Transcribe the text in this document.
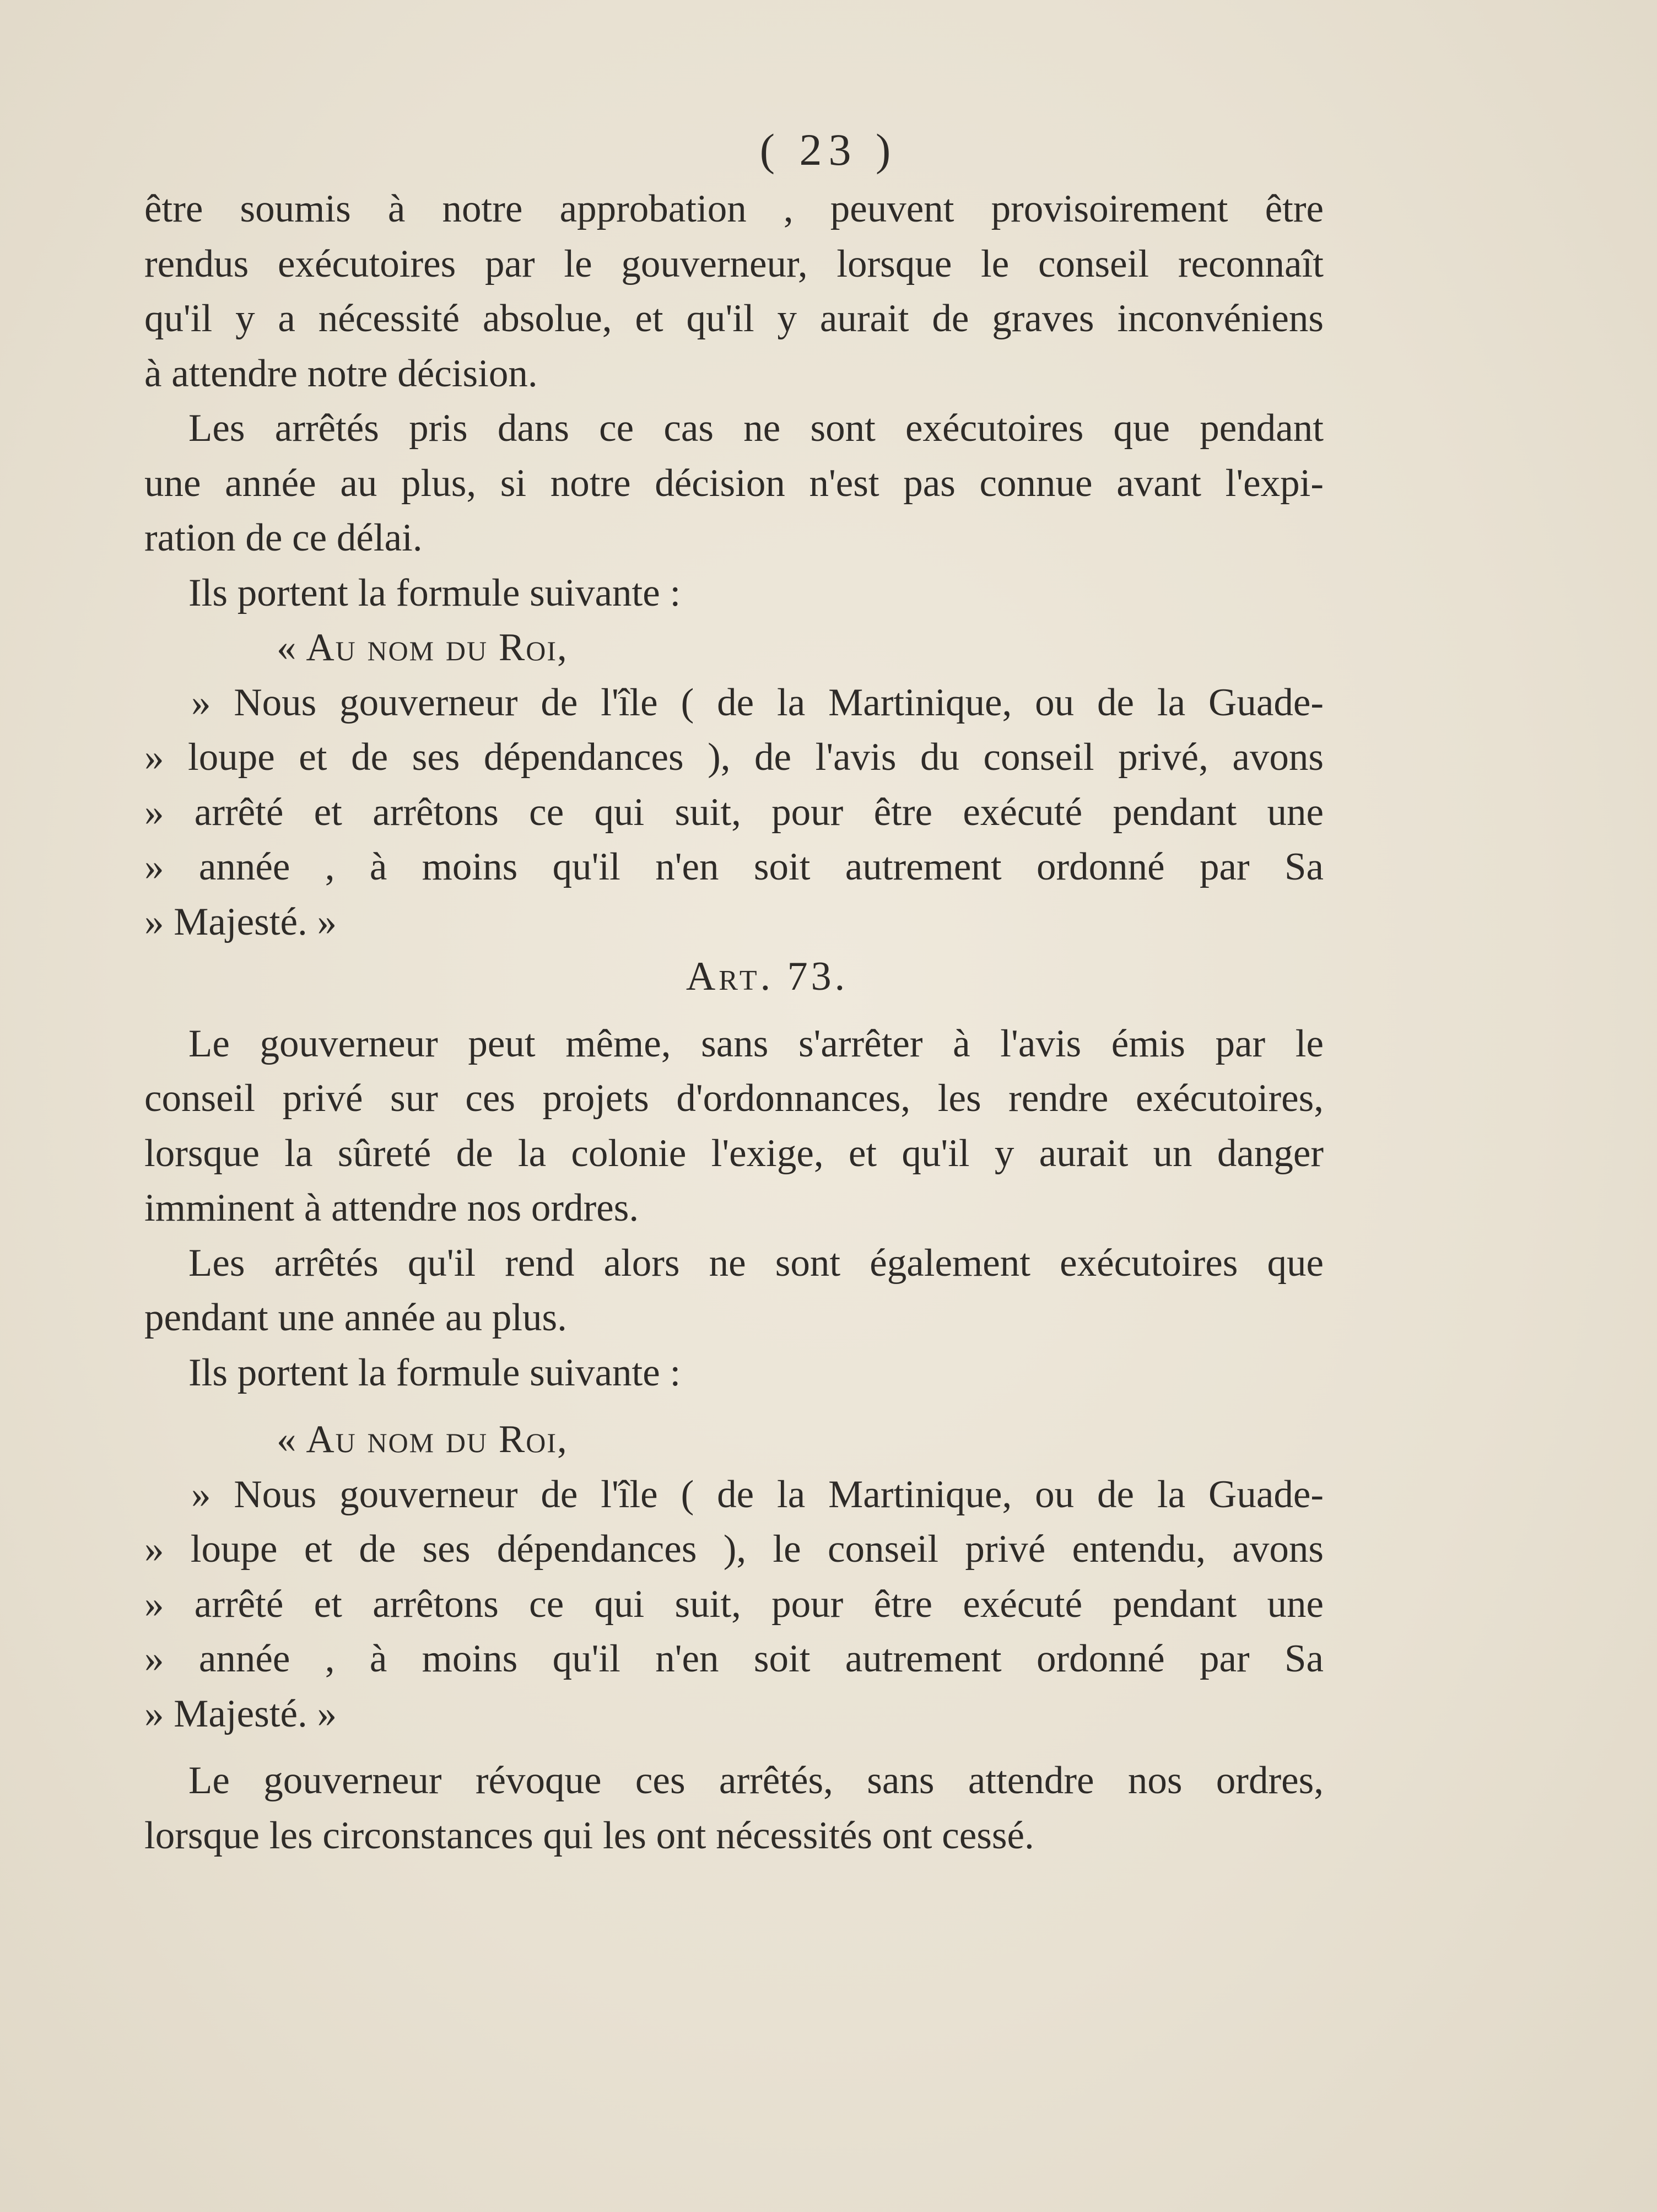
( 23 )
être soumis à notre approbation , peuvent provisoirement être
rendus exécutoires par le gouverneur, lorsque le conseil reconnaît
qu'il y a nécessité absolue, et qu'il y aurait de graves inconvéniens
à attendre notre décision.
Les arrêtés pris dans ce cas ne sont exécutoires que pendant
une année au plus, si notre décision n'est pas connue avant l'expi-
ration de ce délai.
Ils portent la formule suivante :
« Au nom du Roi,
» Nous gouverneur de l'île ( de la Martinique, ou de la Guade-
» loupe et de ses dépendances ), de l'avis du conseil privé, avons
» arrêté et arrêtons ce qui suit, pour être exécuté pendant une
» année , à moins qu'il n'en soit autrement ordonné par Sa
» Majesté. »
Art. 73.
Le gouverneur peut même, sans s'arrêter à l'avis émis par le
conseil privé sur ces projets d'ordonnances, les rendre exécutoires,
lorsque la sûreté de la colonie l'exige, et qu'il y aurait un danger
imminent à attendre nos ordres.
Les arrêtés qu'il rend alors ne sont également exécutoires que
pendant une année au plus.
Ils portent la formule suivante :
« Au nom du Roi,
» Nous gouverneur de l'île ( de la Martinique, ou de la Guade-
» loupe et de ses dépendances ), le conseil privé entendu, avons
» arrêté et arrêtons ce qui suit, pour être exécuté pendant une
» année , à moins qu'il n'en soit autrement ordonné par Sa
» Majesté. »
Le gouverneur révoque ces arrêtés, sans attendre nos ordres,
lorsque les circonstances qui les ont nécessités ont cessé.
